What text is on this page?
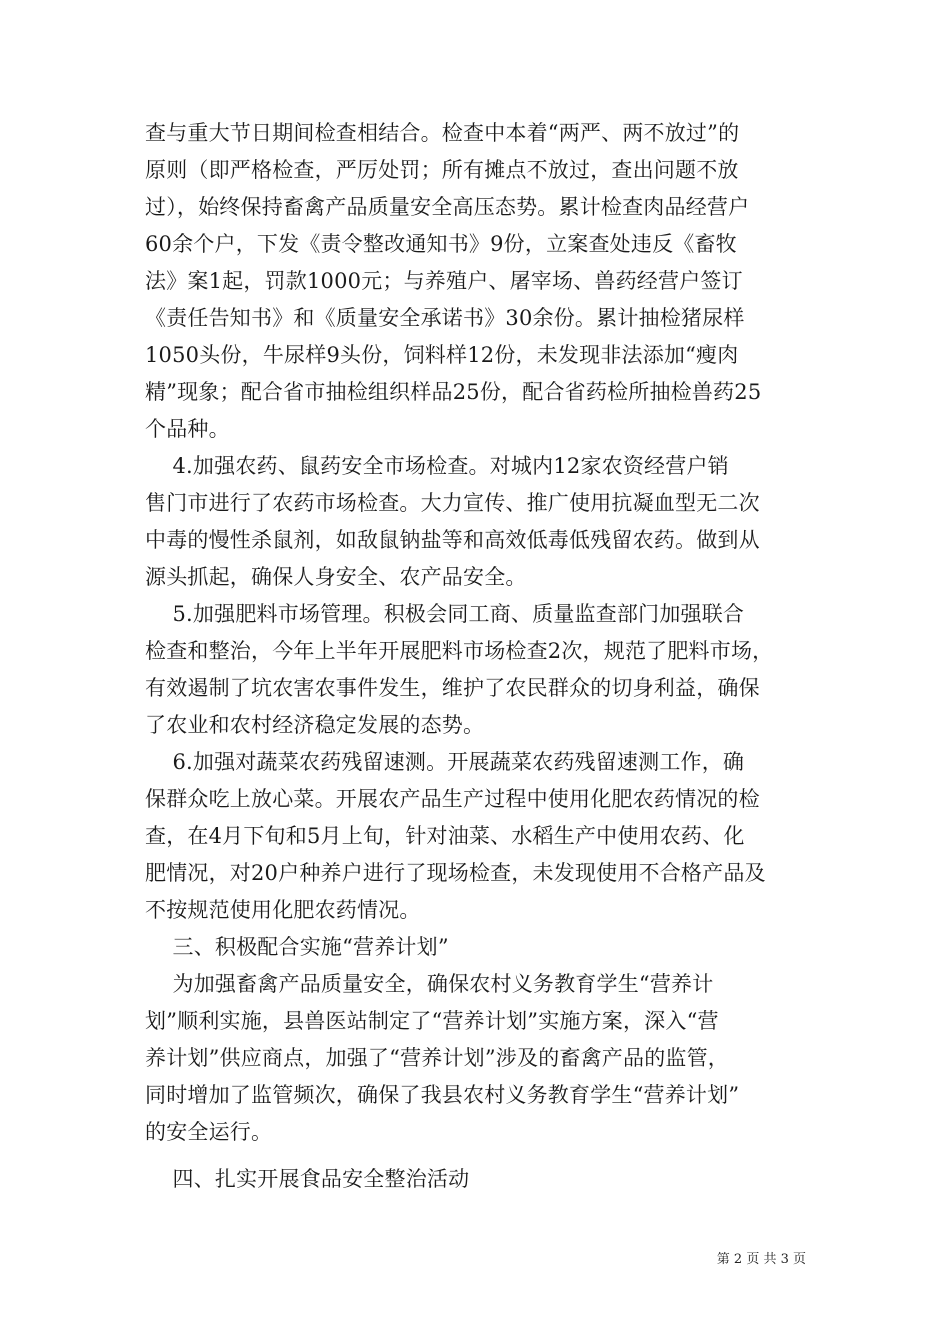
查与重大节日期间检查相结合。检查中本着“两严、两不放过”的
原则（即严格检查，严厉处罚；所有摊点不放过，查出问题不放
过），始终保持畜禽产品质量安全高压态势。累计检查肉品经营户
60余个户，下发《责令整改通知书》9份，立案查处违反《畜牧
法》案1起，罚款1000元；与养殖户、屠宰场、兽药经营户签订
《责任告知书》和《质量安全承诺书》30余份。累计抽检猪尿样
1050头份，牛尿样9头份，饲料样12份，未发现非法添加“瘦肉
精”现象；配合省市抽检组织样品25份，配合省药检所抽检兽药25
个品种。
4.加强农药、鼠药安全市场检查。对城内12家农资经营户销
售门市进行了农药市场检查。大力宣传、推广使用抗凝血型无二次
中毒的慢性杀鼠剂，如敌鼠钠盐等和高效低毒低残留农药。做到从
源头抓起，确保人身安全、农产品安全。
5.加强肥料市场管理。积极会同工商、质量监查部门加强联合
检查和整治，今年上半年开展肥料市场检查2次，规范了肥料市场，
有效遏制了坑农害农事件发生，维护了农民群众的切身利益，确保
了农业和农村经济稳定发展的态势。
6.加强对蔬菜农药残留速测。开展蔬菜农药残留速测工作，确
保群众吃上放心菜。开展农产品生产过程中使用化肥农药情况的检
查，在4月下旬和5月上旬，针对油菜、水稻生产中使用农药、化
肥情况，对20户种养户进行了现场检查，未发现使用不合格产品及
不按规范使用化肥农药情况。
三、积极配合实施“营养计划”
为加强畜禽产品质量安全，确保农村义务教育学生“营养计
划”顺利实施，县兽医站制定了“营养计划”实施方案，深入“营
养计划”供应商点，加强了“营养计划”涉及的畜禽产品的监管，
同时增加了监管频次，确保了我县农村义务教育学生“营养计划”
的安全运行。
四、扎实开展食品安全整治活动
第 2 页 共 3 页
